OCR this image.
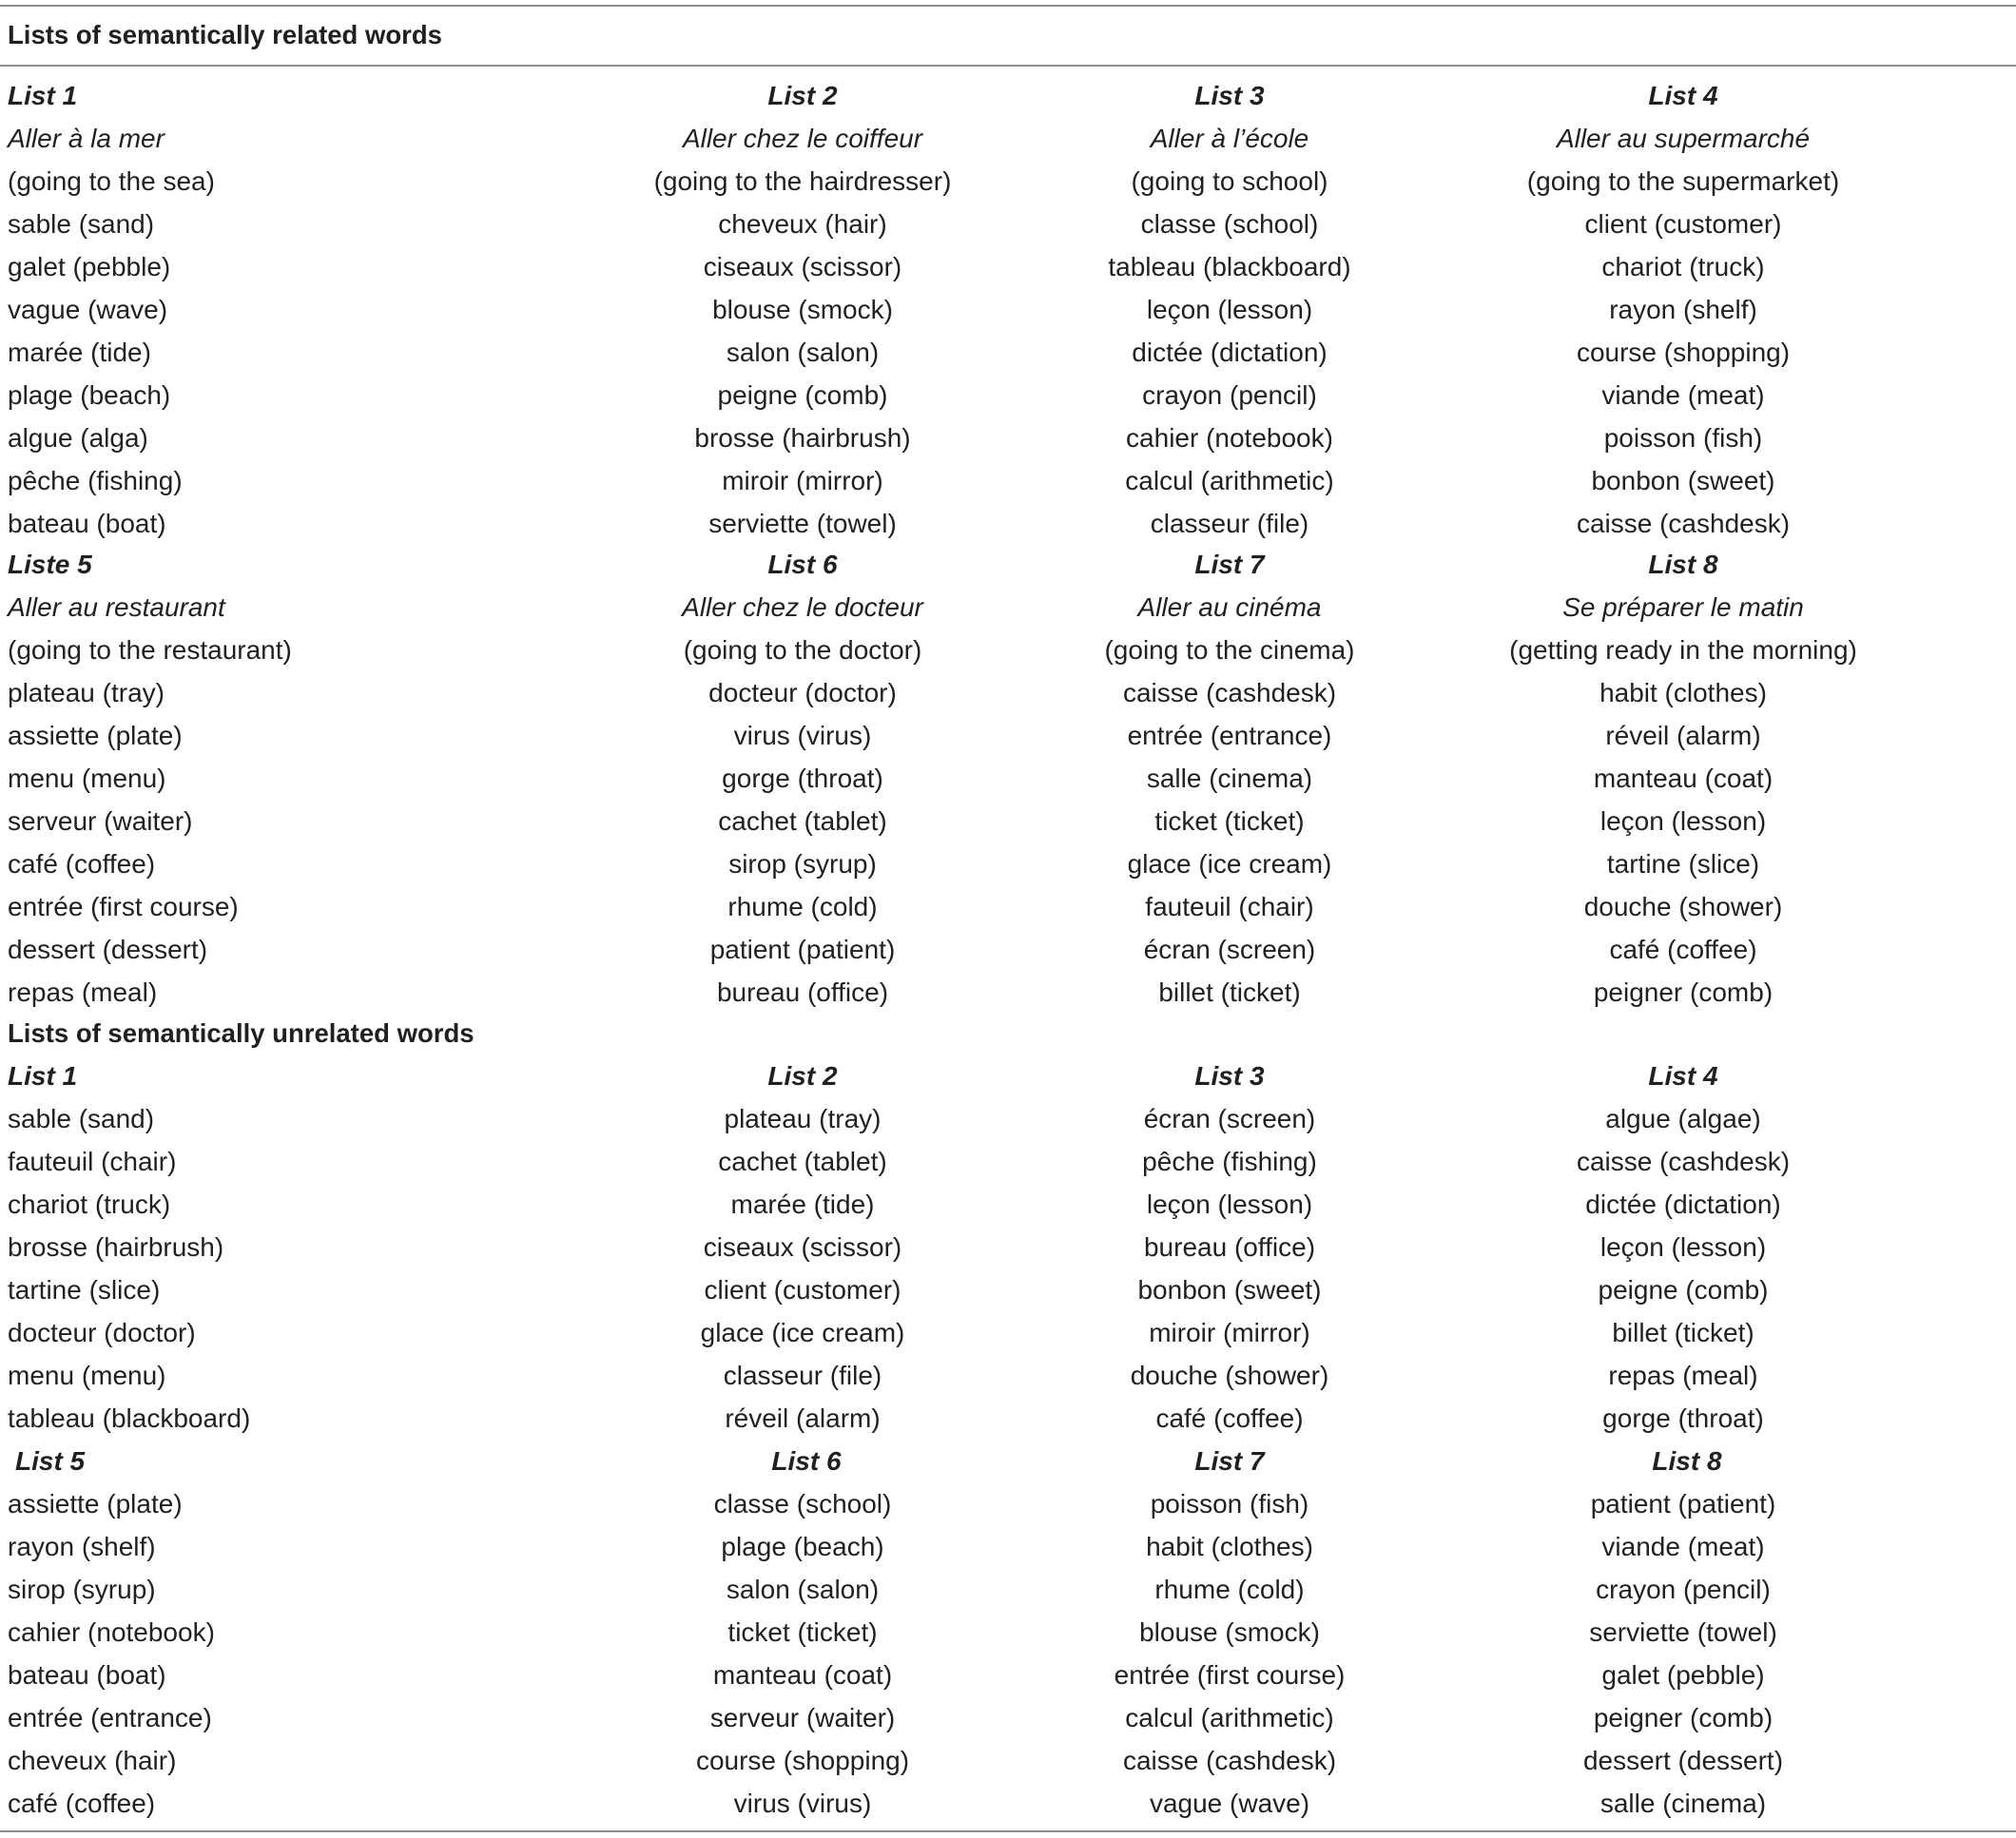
Lists of semantically related words
List 1	List 2	List 3	List 4
Aller à la mer	Aller chez le coiffeur	Aller à l’école	Aller au supermarché
(going to the sea)	(going to the hairdresser)	(going to school)	(going to the supermarket)
sable (sand)	cheveux (hair)	classe (school)	client (customer)
galet (pebble)	ciseaux (scissor)	tableau (blackboard)	chariot (truck)
vague (wave)	blouse (smock)	leçon (lesson)	rayon (shelf)
marée (tide)	salon (salon)	dictée (dictation)	course (shopping)
plage (beach)	peigne (comb)	crayon (pencil)	viande (meat)
algue (alga)	brosse (hairbrush)	cahier (notebook)	poisson (fish)
pêche (fishing)	miroir (mirror)	calcul (arithmetic)	bonbon (sweet)
bateau (boat)	serviette (towel)	classeur (file)	caisse (cashdesk)
Liste 5	List 6	List 7	List 8
Aller au restaurant	Aller chez le docteur	Aller au cinéma	Se préparer le matin
(going to the restaurant)	(going to the doctor)	(going to the cinema)	(getting ready in the morning)
plateau (tray)	docteur (doctor)	caisse (cashdesk)	habit (clothes)
assiette (plate)	virus (virus)	entrée (entrance)	réveil (alarm)
menu (menu)	gorge (throat)	salle (cinema)	manteau (coat)
serveur (waiter)	cachet (tablet)	ticket (ticket)	leçon (lesson)
café (coffee)	sirop (syrup)	glace (ice cream)	tartine (slice)
entrée (first course)	rhume (cold)	fauteuil (chair)	douche (shower)
dessert (dessert)	patient (patient)	écran (screen)	café (coffee)
repas (meal)	bureau (office)	billet (ticket)	peigner (comb)
Lists of semantically unrelated words
List 1	List 2	List 3	List 4
sable (sand)	plateau (tray)	écran (screen)	algue (algae)
fauteuil (chair)	cachet (tablet)	pêche (fishing)	caisse (cashdesk)
chariot (truck)	marée (tide)	leçon (lesson)	dictée (dictation)
brosse (hairbrush)	ciseaux (scissor)	bureau (office)	leçon (lesson)
tartine (slice)	client (customer)	bonbon (sweet)	peigne (comb)
docteur (doctor)	glace (ice cream)	miroir (mirror)	billet (ticket)
menu (menu)	classeur (file)	douche (shower)	repas (meal)
tableau (blackboard)	réveil (alarm)	café (coffee)	gorge (throat)
List 5	List 6	List 7	List 8
assiette (plate)	classe (school)	poisson (fish)	patient (patient)
rayon (shelf)	plage (beach)	habit (clothes)	viande (meat)
sirop (syrup)	salon (salon)	rhume (cold)	crayon (pencil)
cahier (notebook)	ticket (ticket)	blouse (smock)	serviette (towel)
bateau (boat)	manteau (coat)	entrée (first course)	galet (pebble)
entrée (entrance)	serveur (waiter)	calcul (arithmetic)	peigner (comb)
cheveux (hair)	course (shopping)	caisse (cashdesk)	dessert (dessert)
café (coffee)	virus (virus)	vague (wave)	salle (cinema)
